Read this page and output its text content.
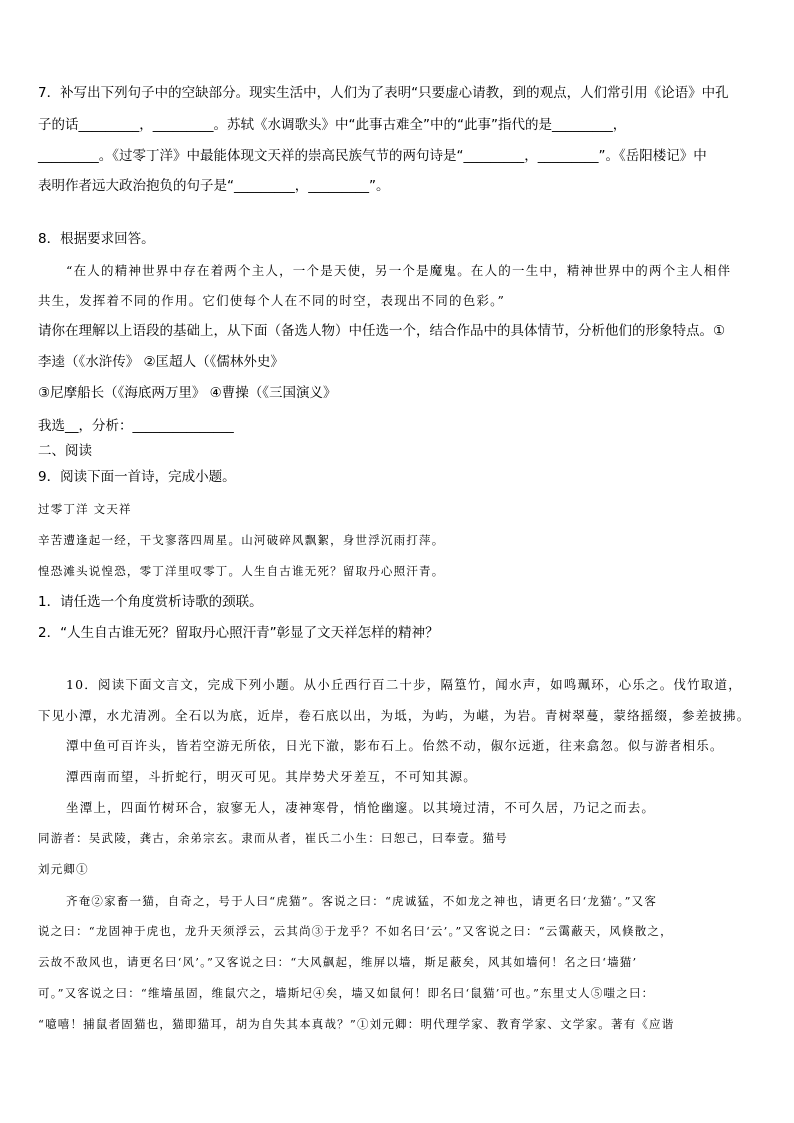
7．补写出下列句子中的空缺部分。现实生活中，人们为了表明“只要虚心请教，到的观点，人们常引用《论语》中孔
子的话_________，_________。苏轼《水调歌头》中“此事古难全”中的“此事”指代的是_________，
_________。《过零丁洋》中最能体现文天祥的崇高民族气节的两句诗是“_________，_________”。《岳阳楼记》中
表明作者远大政治抱负的句子是“_________，_________”。
8．根据要求回答。
“在人的精神世界中存在着两个主人，一个是天使，另一个是魔鬼。在人的一生中，精神世界中的两个主人相伴
共生，发挥着不同的作用。它们使每个人在不同的时空，表现出不同的色彩。”
请你在理解以上语段的基础上，从下面（备选人物）中任选一个，结合作品中的具体情节，分析他们的形象特点。①
李逵（《水浒传》 ②匡超人（《儒林外史》
③尼摩船长（《海底两万里》 ④曹操（《三国演义》
我选__，分析：_______________
二、阅读
9．阅读下面一首诗，完成小题。
过零丁洋 文天祥
辛苦遭逢起一经，干戈寥落四周星。山河破碎风飘絮，身世浮沉雨打萍。
惶恐滩头说惶恐，零丁洋里叹零丁。人生自古谁无死？留取丹心照汗青。
1．请任选一个角度赏析诗歌的颈联。
2．“人生自古谁无死？留取丹心照汗青”彰显了文天祥怎样的精神？
10．阅读下面文言文，完成下列小题。从小丘西行百二十步，隔篁竹，闻水声，如鸣珮环，心乐之。伐竹取道，
下见小潭，水尤清冽。全石以为底，近岸，卷石底以出，为坻，为屿，为嵁，为岩。青树翠蔓，蒙络摇缀，参差披拂。
潭中鱼可百许头，皆若空游无所依，日光下澈，影布石上。佁然不动，俶尔远逝，往来翕忽。似与游者相乐。
潭西南而望，斗折蛇行，明灭可见。其岸势犬牙差互，不可知其源。
坐潭上，四面竹树环合，寂寥无人，凄神寒骨，悄怆幽邃。以其境过清，不可久居，乃记之而去。
同游者：吴武陵，龚古，余弟宗玄。隶而从者，崔氏二小生：曰恕己，曰奉壹。猫号
刘元卿①
齐奄②家畜一猫，自奇之，号于人曰“虎猫”。客说之曰：“虎诚猛，不如龙之神也，请更名曰‘龙猫’。”又客
说之曰：“龙固神于虎也，龙升天须浮云，云其尚③于龙乎？不如名曰‘云’。”又客说之曰：“云霭蔽天，风倏散之，
云故不敌风也，请更名曰‘风’。”又客说之曰：“大风飙起，维屏以墙，斯足蔽矣，风其如墙何！名之曰‘墙猫’
可。”又客说之曰：“维墙虽固，维鼠穴之，墙斯圮④矣，墙又如鼠何！即名曰‘鼠猫’可也。”东里丈人⑤嗤之曰：
“噫嘻！捕鼠者固猫也，猫即猫耳，胡为自失其本真哉？”①刘元卿：明代理学家、教育学家、文学家。著有《应谐
